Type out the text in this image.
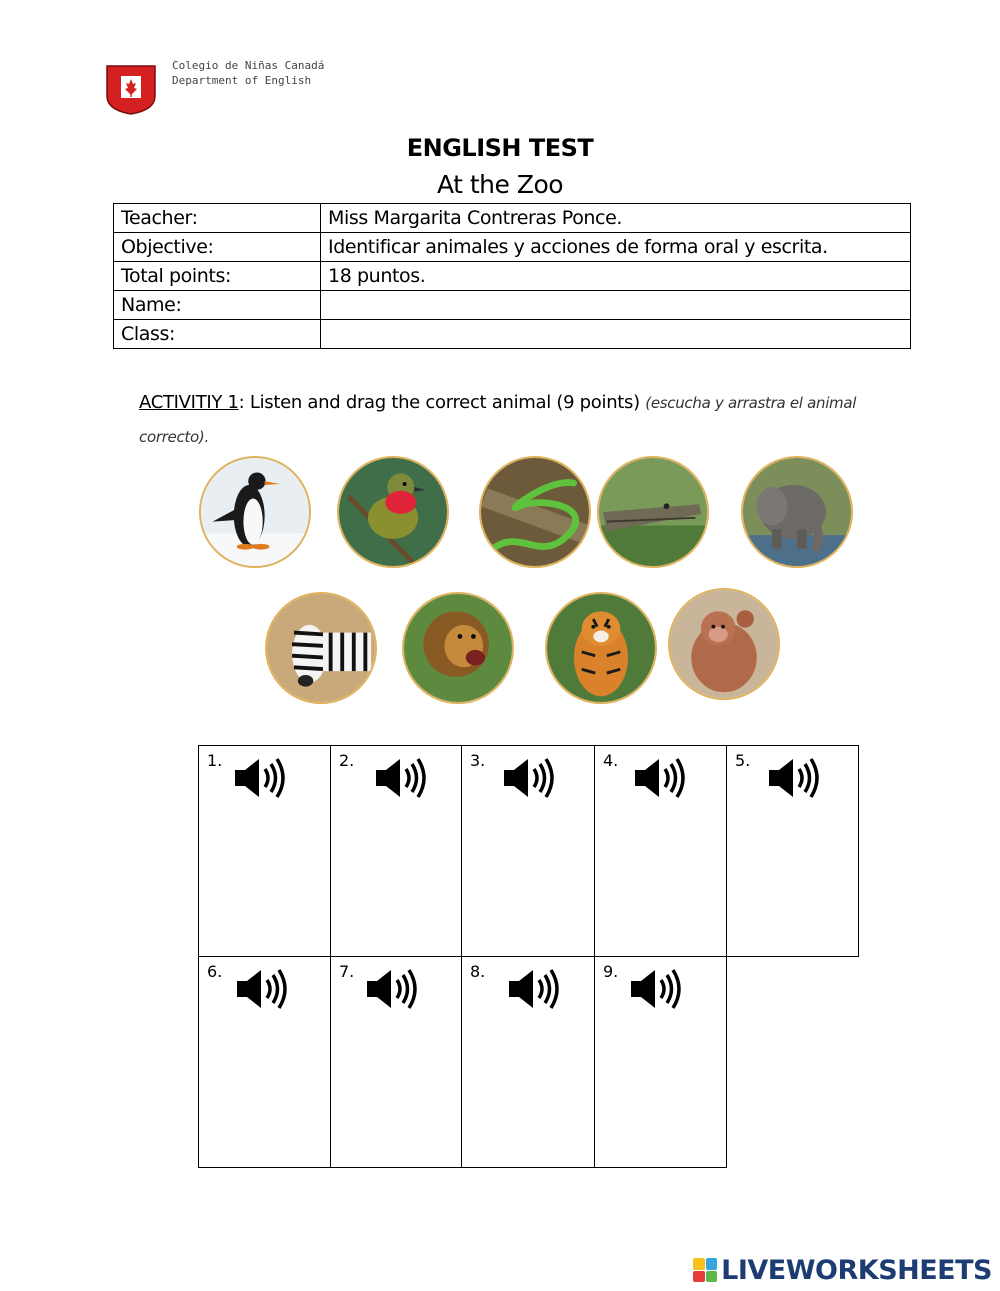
Colegio de Niñas Canadá
Department of English
ENGLISH TEST
At the Zoo
Teacher:	Miss Margarita Contreras Ponce.
Objective:	Identificar animales y acciones de forma oral y escrita.
Total points:	18 puntos.
Name:	
Class:	
ACTIVITIY 1: Listen and drag the correct animal (9 points) (escucha y arrastra el animal correcto).
1.	2.	3.	4.	5.
6.	7.	8.	9.
LIVEWORKSHEETS
